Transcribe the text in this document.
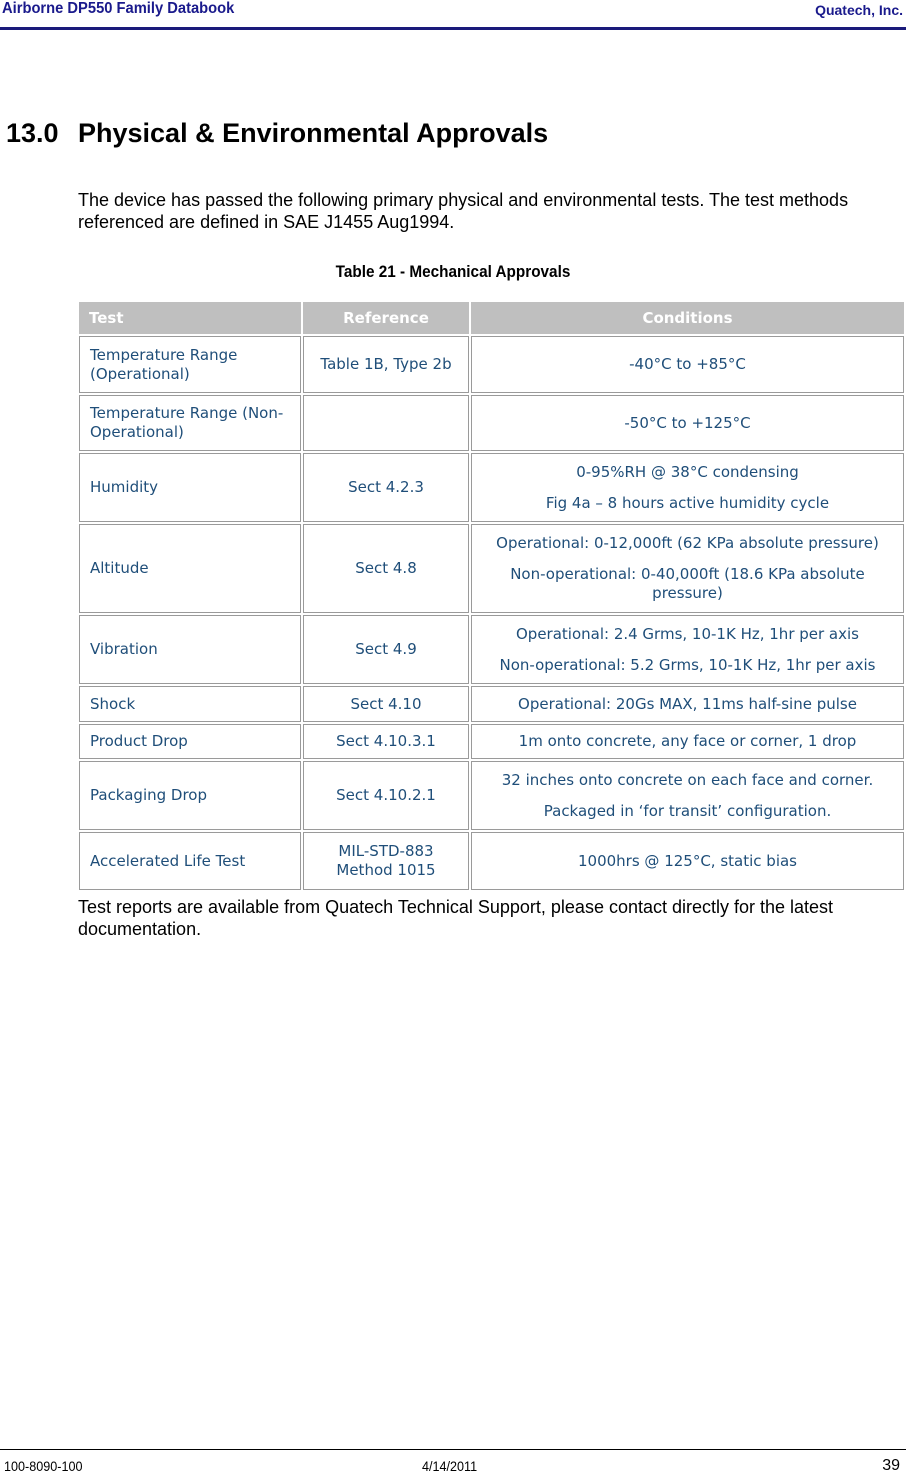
Airborne DP550 Family Databook	Quatech, Inc.
13.0 Physical & Environmental Approvals
The device has passed the following primary physical and environmental tests. The test methods referenced are defined in SAE J1455 Aug1994.
Table 21 - Mechanical Approvals
Test	Reference	Conditions
Temperature Range (Operational)	Table 1B, Type 2b	-40°C to +85°C

Temperature Range (Non-Operational)		-50°C to +125°C

Humidity	Sect 4.2.3	0-95%RH @ 38°C condensing
Fig 4a – 8 hours active humidity cycle

Altitude	Sect 4.8	Operational: 0-12,000ft (62 KPa absolute pressure)
Non-operational: 0-40,000ft (18.6 KPa absolute pressure)

Vibration	Sect 4.9	Operational: 2.4 Grms, 10-1K Hz, 1hr per axis
Non-operational: 5.2 Grms, 10-1K Hz, 1hr per axis

Shock	Sect 4.10	Operational: 20Gs MAX, 11ms half-sine pulse

Product Drop	Sect 4.10.3.1	1m onto concrete, any face or corner, 1 drop

Packaging Drop	Sect 4.10.2.1	32 inches onto concrete on each face and corner.
Packaged in ‘for transit’ configuration.

Accelerated Life Test	MIL-STD-883 Method 1015	1000hrs @ 125°C, static bias
Test reports are available from Quatech Technical Support, please contact directly for the latest documentation.
100-8090-100	4/14/2011	39
